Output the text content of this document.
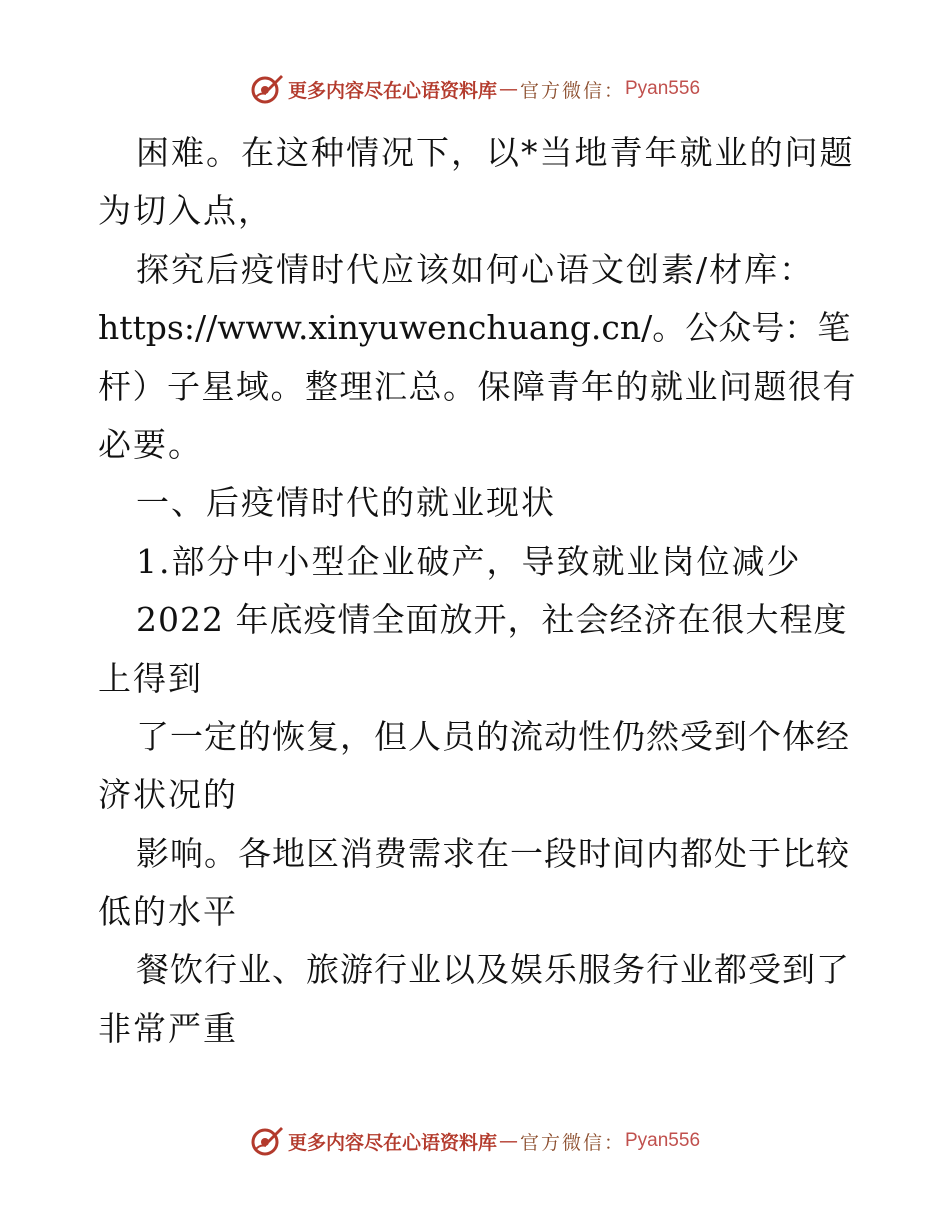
更多内容尽在心语资料库 — 官方微信： Pyan556
困难。在这种情况下，以*当地青年就业的问题
为切入点，
探究后疫情时代应该如何心语文创素/材库：
https://www.xinyuwenchuang.cn/。公众号：笔
杆）子星域。整理汇总。保障青年的就业问题很有
必要。
一、后疫情时代的就业现状
1.部分中小型企业破产，导致就业岗位减少
2022 年底疫情全面放开，社会经济在很大程度
上得到
了一定的恢复，但人员的流动性仍然受到个体经
济状况的
影响。各地区消费需求在一段时间内都处于比较
低的水平
餐饮行业、旅游行业以及娱乐服务行业都受到了
非常严重
更多内容尽在心语资料库 — 官方微信： Pyan556
